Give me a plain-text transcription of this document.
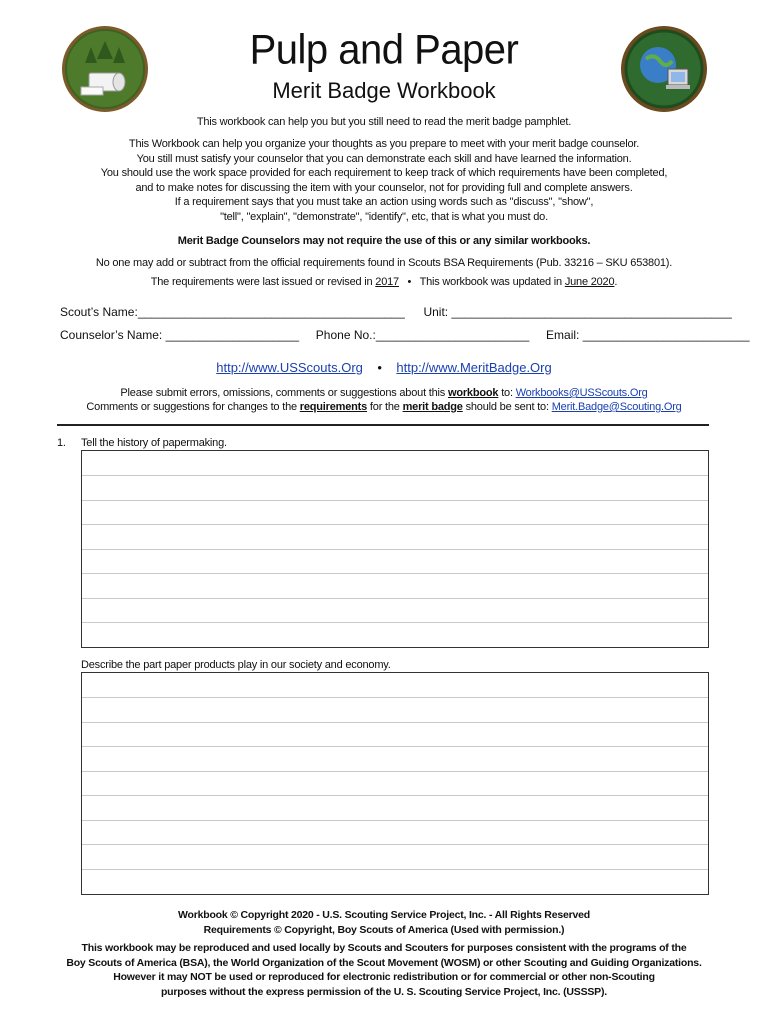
Pulp and Paper
Merit Badge Workbook
This workbook can help you but you still need to read the merit badge pamphlet.
This Workbook can help you organize your thoughts as you prepare to meet with your merit badge counselor.
You still must satisfy your counselor that you can demonstrate each skill and have learned the information.
You should use the work space provided for each requirement to keep track of which requirements have been completed,
and to make notes for discussing the item with your counselor, not for providing full and complete answers.
If a requirement says that you must take an action using words such as "discuss", "show",
"tell", "explain", "demonstrate", "identify", etc, that is what you must do.
Merit Badge Counselors may not require the use of this or any similar workbooks.
No one may add or subtract from the official requirements found in Scouts BSA Requirements (Pub. 33216 – SKU 653801).
The requirements were last issued or revised in 2017 • This workbook was updated in June 2020.
Scout’s Name:________________________________________ Unit: __________________________________________
Counselor’s Name: ____________________ Phone No.:_______________________ Email: _________________________
http://www.USScouts.Org • http://www.MeritBadge.Org
Please submit errors, omissions, comments or suggestions about this workbook to: Workbooks@USScouts.Org
Comments or suggestions for changes to the requirements for the merit badge should be sent to: Merit.Badge@Scouting.Org
1. Tell the history of papermaking.
Describe the part paper products play in our society and economy.
Workbook © Copyright 2020 - U.S. Scouting Service Project, Inc. - All Rights Reserved
Requirements © Copyright, Boy Scouts of America (Used with permission.)
This workbook may be reproduced and used locally by Scouts and Scouters for purposes consistent with the programs of the
Boy Scouts of America (BSA), the World Organization of the Scout Movement (WOSM) or other Scouting and Guiding Organizations.
However it may NOT be used or reproduced for electronic redistribution or for commercial or other non-Scouting
purposes without the express permission of the U. S. Scouting Service Project, Inc. (USSSP).
